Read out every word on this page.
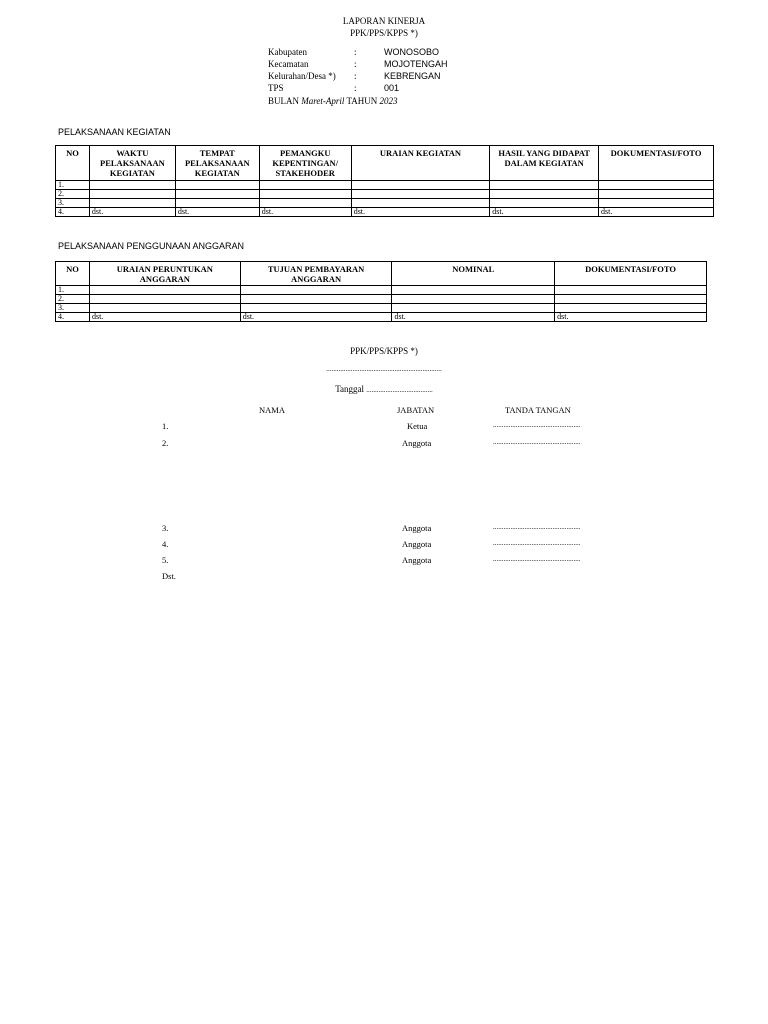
LAPORAN KINERJA
PPK/PPS/KPPS *)
Kabupaten	:	WONOSOBO
Kecamatan	:	MOJOTENGAH
Kelurahan/Desa *) :	KEBRENGAN
TPS	:	001
BULAN Maret-April TAHUN 2023
PELAKSANAAN KEGIATAN
NO	WAKTU PELAKSANAAN KEGIATAN	TEMPAT PELAKSANAAN KEGIATAN	PEMANGKU KEPENTINGAN/ STAKEHODER	URAIAN KEGIATAN	HASIL YANG DIDAPAT DALAM KEGIATAN	DOKUMENTASI/FOTO
1.						
2.						
3.						
4.	dst.	dst.	dst.	dst.	dst.	dst.
PELAKSANAAN PENGGUNAAN ANGGARAN
NO	URAIAN PERUNTUKAN ANGGARAN	TUJUAN PEMBAYARAN ANGGARAN	NOMINAL	DOKUMENTASI/FOTO
1.				
2.				
3.				
4.	dst.	dst.	dst.	dst.
PPK/PPS/KPPS *)
..................................................................
Tanggal ......................................
NAMA	JABATAN	TANDA TANGAN
1.	Ketua	..................................................
2.	Anggota	..................................................
3.	Anggota	..................................................
4.	Anggota	..................................................
5.	Anggota	..................................................
Dst.
